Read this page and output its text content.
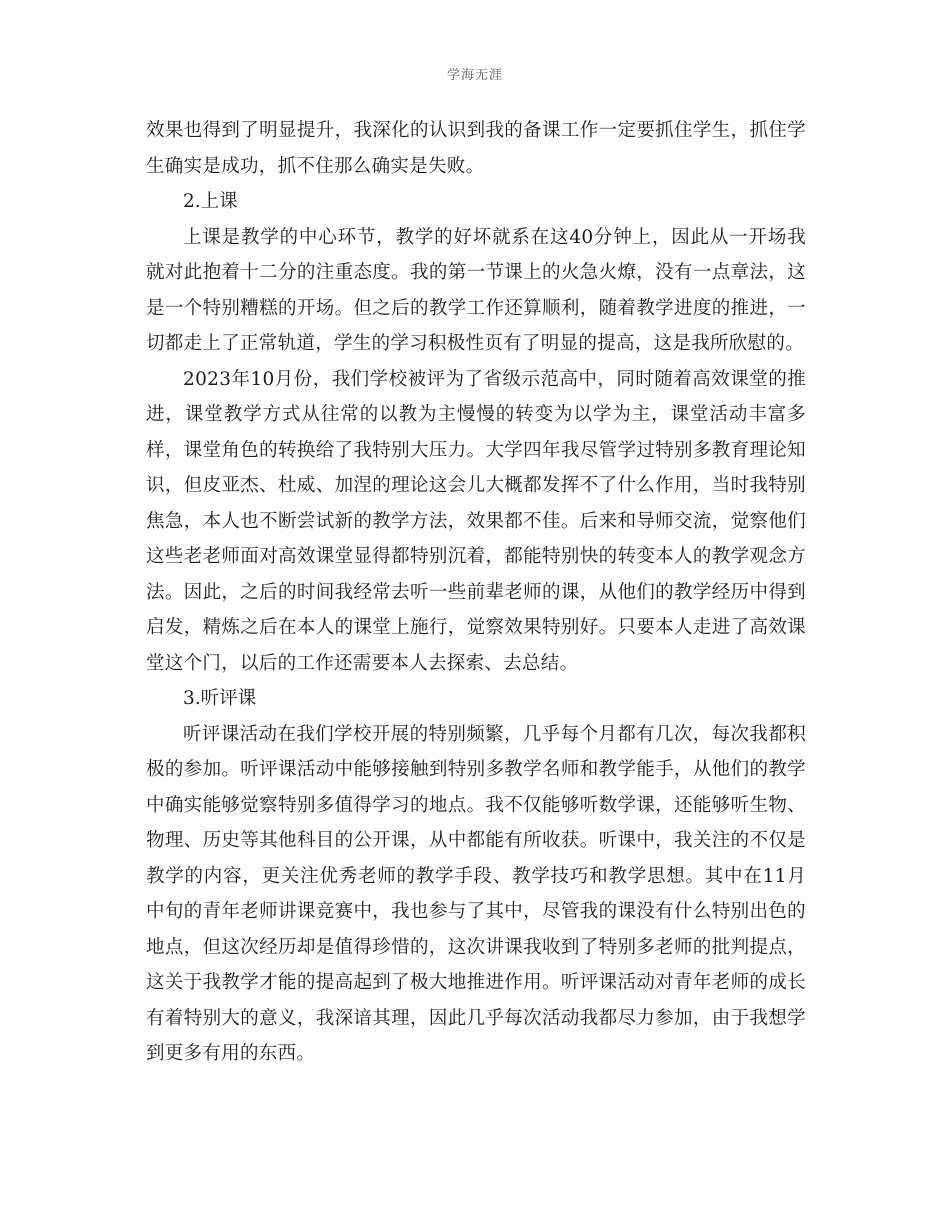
学海无涯

效果也得到了明显提升，我深化的认识到我的备课工作一定要抓住学生，抓住学生确实是成功，抓不住那么确实是失败。

2.上课

上课是教学的中心环节，教学的好坏就系在这40分钟上，因此从一开场我就对此抱着十二分的注重态度。我的第一节课上的火急火燎，没有一点章法，这是一个特别糟糕的开场。但之后的教学工作还算顺利，随着教学进度的推进，一切都走上了正常轨道，学生的学习积极性页有了明显的提高，这是我所欣慰的。

2023年10月份，我们学校被评为了省级示范高中，同时随着高效课堂的推进，课堂教学方式从往常的以教为主慢慢的转变为以学为主，课堂活动丰富多样，课堂角色的转换给了我特别大压力。大学四年我尽管学过特别多教育理论知识，但皮亚杰、杜威、加涅的理论这会儿大概都发挥不了什么作用，当时我特别焦急，本人也不断尝试新的教学方法，效果都不佳。后来和导师交流，觉察他们这些老老师面对高效课堂显得都特别沉着，都能特别快的转变本人的教学观念方法。因此，之后的时间我经常去听一些前辈老师的课，从他们的教学经历中得到启发，精炼之后在本人的课堂上施行，觉察效果特别好。只要本人走进了高效课堂这个门，以后的工作还需要本人去探索、去总结。

3.听评课

听评课活动在我们学校开展的特别频繁，几乎每个月都有几次，每次我都积极的参加。听评课活动中能够接触到特别多教学名师和教学能手，从他们的教学中确实能够觉察特别多值得学习的地点。我不仅能够听数学课，还能够听生物、物理、历史等其他科目的公开课，从中都能有所收获。听课中，我关注的不仅是教学的内容，更关注优秀老师的教学手段、教学技巧和教学思想。其中在11月中旬的青年老师讲课竞赛中，我也参与了其中，尽管我的课没有什么特别出色的地点，但这次经历却是值得珍惜的，这次讲课我收到了特别多老师的批判提点，这关于我教学才能的提高起到了极大地推进作用。听评课活动对青年老师的成长有着特别大的意义，我深谙其理，因此几乎每次活动我都尽力参加，由于我想学到更多有用的东西。
